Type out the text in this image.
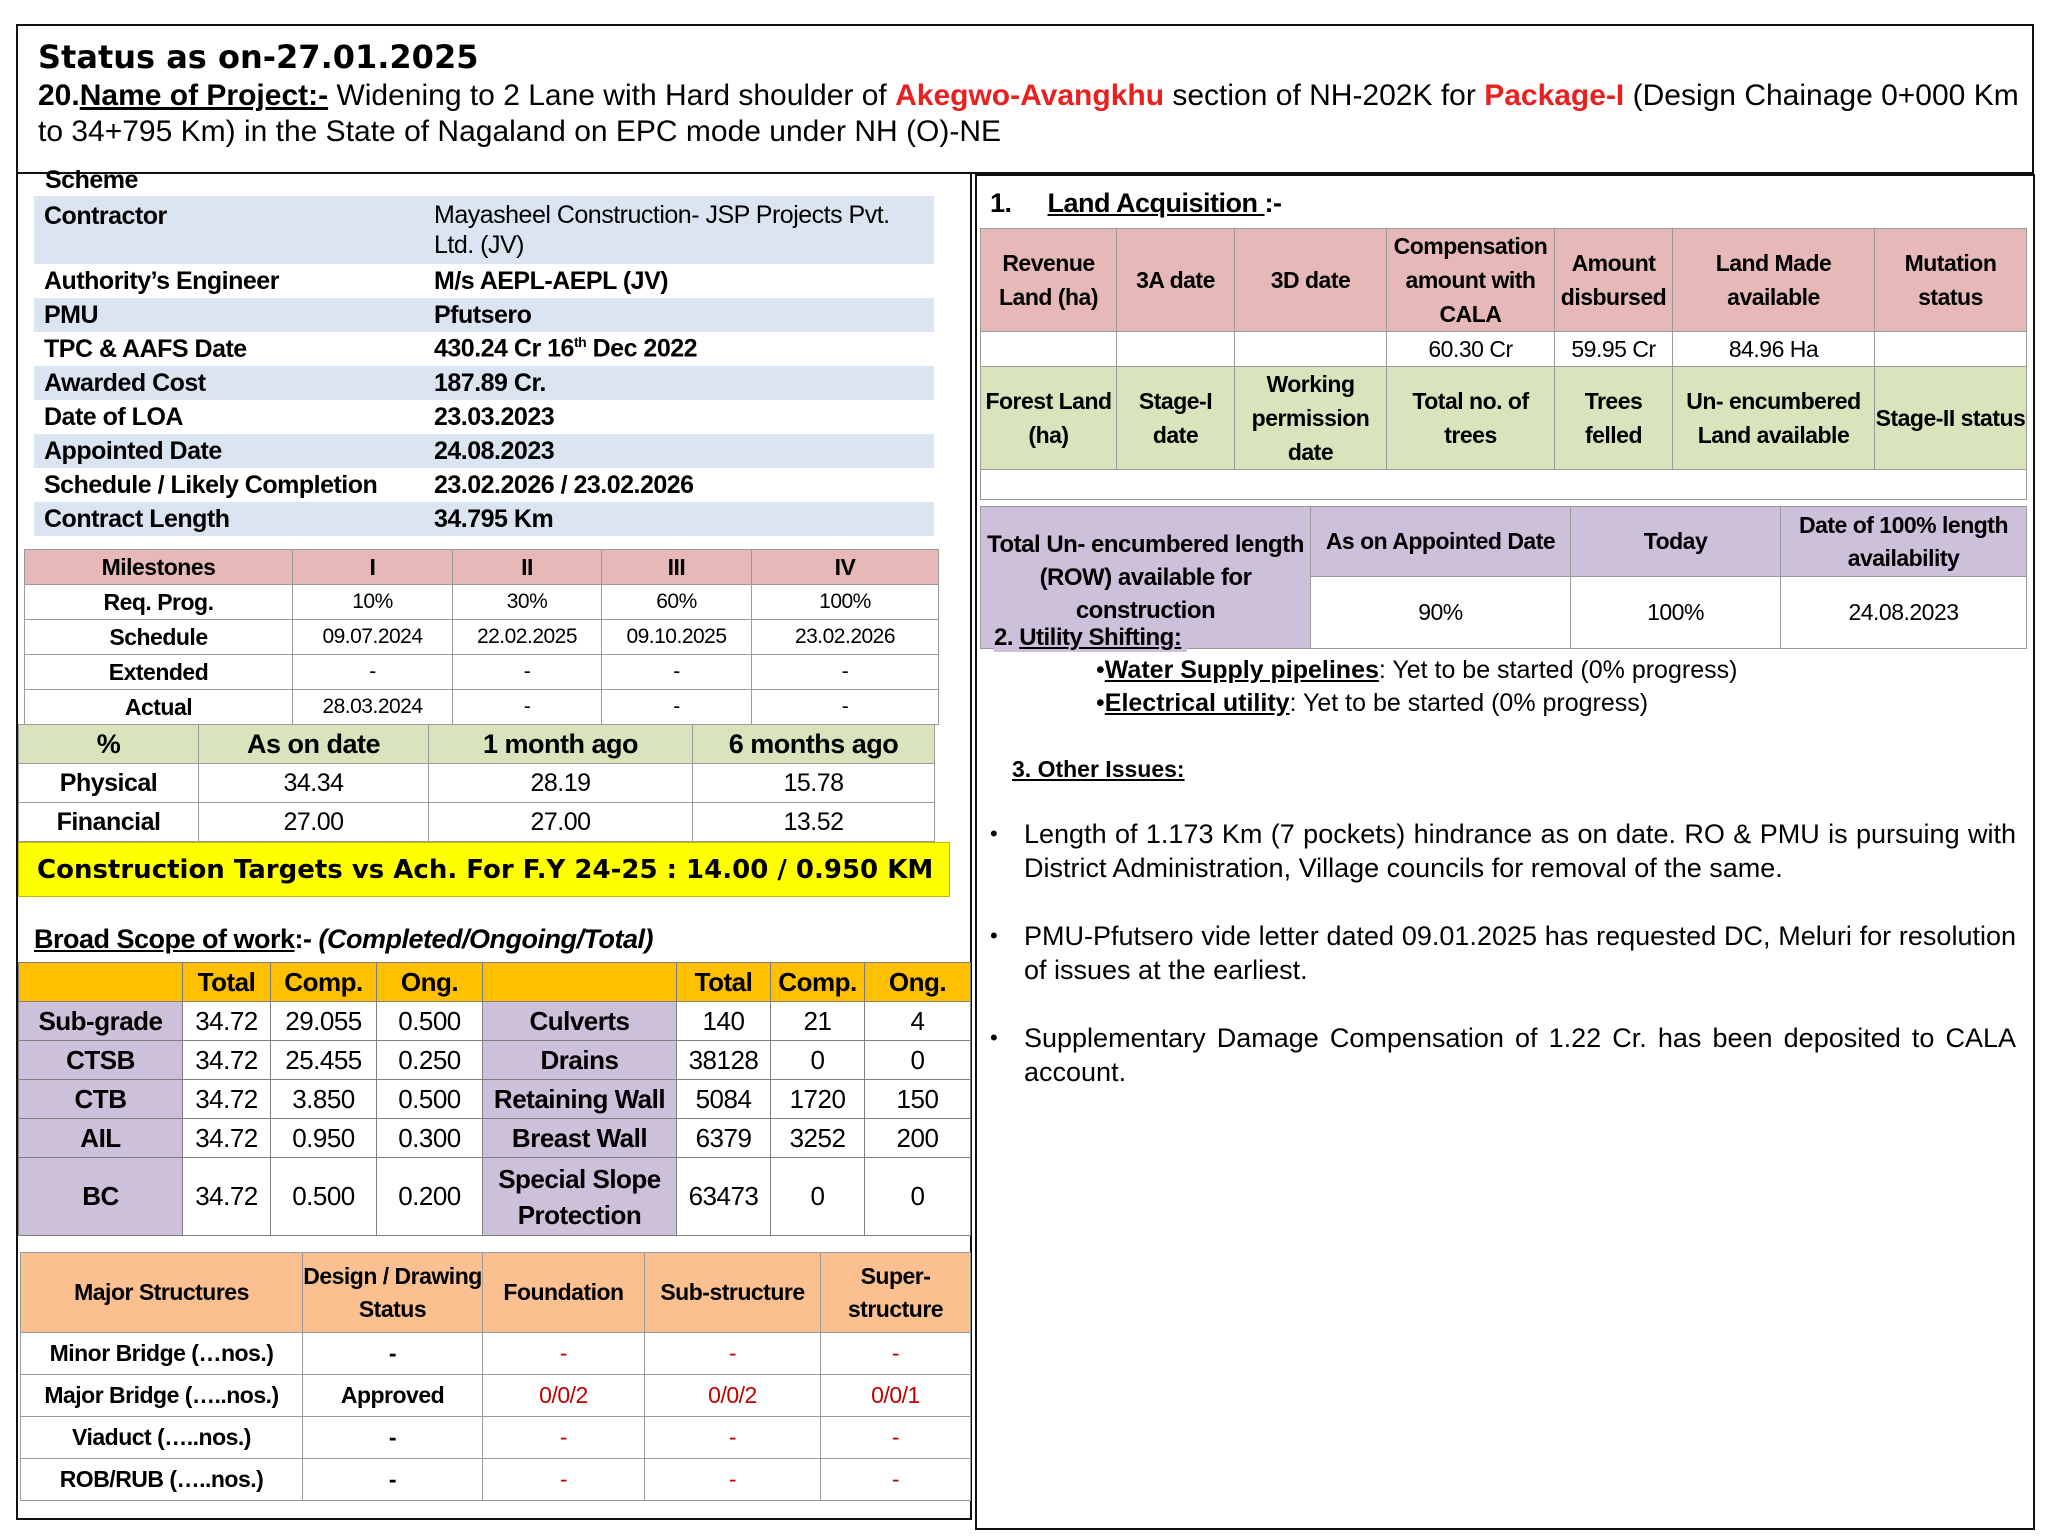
Status as on-27.01.2025
20.Name of Project:- Widening to 2 Lane with Hard shoulder of Akegwo-Avangkhu section of NH-202K for Package-I (Design Chainage 0+000 Km to 34+795 Km) in the State of Nagaland on EPC mode under NH (O)-NE
Scheme
Contractor	Mayasheel Construction- JSP Projects Pvt. Ltd. (JV)
Authority’s Engineer	M/s AEPL-AEPL (JV)
PMU	Pfutsero
TPC & AAFS Date	430.24 Cr 16th Dec 2022
Awarded Cost	187.89 Cr.
Date of LOA	23.03.2023
Appointed Date	24.08.2023
Schedule / Likely Completion	23.02.2026 / 23.02.2026
Contract Length	34.795 Km
Milestones	I	II	III	IV
Req. Prog.	10%	30%	60%	100%
Schedule	09.07.2024	22.02.2025	09.10.2025	23.02.2026
Extended	-	-	-	-
Actual	28.03.2024	-	-	-
%	As on date	1 month ago	6 months ago
Physical	34.34	28.19	15.78
Financial	27.00	27.00	13.52
Construction Targets vs Ach. For F.Y 24-25 : 14.00 / 0.950 KM
Broad Scope of work:- (Completed/Ongoing/Total)
	Total	Comp.	Ong.		Total	Comp.	Ong.
Sub-grade	34.72	29.055	0.500	Culverts	140	21	4
CTSB	34.72	25.455	0.250	Drains	38128	0	0
CTB	34.72	3.850	0.500	Retaining Wall	5084	1720	150
AIL	34.72	0.950	0.300	Breast Wall	6379	3252	200
BC	34.72	0.500	0.200	Special Slope Protection	63473	0	0
Major Structures	Design / Drawing Status	Foundation	Sub-structure	Super-structure
Minor Bridge (…nos.)	-	-	-	-
Major Bridge (…..nos.)	Approved	0/0/2	0/0/2	0/0/1
Viaduct (…..nos.)	-	-	-	-
ROB/RUB (…..nos.)	-	-	-	-
1. Land Acquisition :-
Revenue Land (ha)	3A date	3D date	Compensation amount with CALA	Amount disbursed	Land Made available	Mutation status
			60.30 Cr	59.95 Cr	84.96 Ha	
Forest Land (ha)	Stage-I date	Working permission date	Total no. of trees	Trees felled	Un- encumbered Land available	Stage-II status

Total Un- encumbered length (ROW) available for construction	As on Appointed Date	Today	Date of 100% length availability
	90%	100%	24.08.2023
2. Utility Shifting:
•Water Supply pipelines: Yet to be started (0% progress)
•Electrical utility: Yet to be started (0% progress)
3. Other Issues:
• Length of 1.173 Km (7 pockets) hindrance as on date. RO & PMU is pursuing with District Administration, Village councils for removal of the same.
• PMU-Pfutsero vide letter dated 09.01.2025 has requested DC, Meluri for resolution of issues at the earliest.
• Supplementary Damage Compensation of 1.22 Cr. has been deposited to CALA account.
